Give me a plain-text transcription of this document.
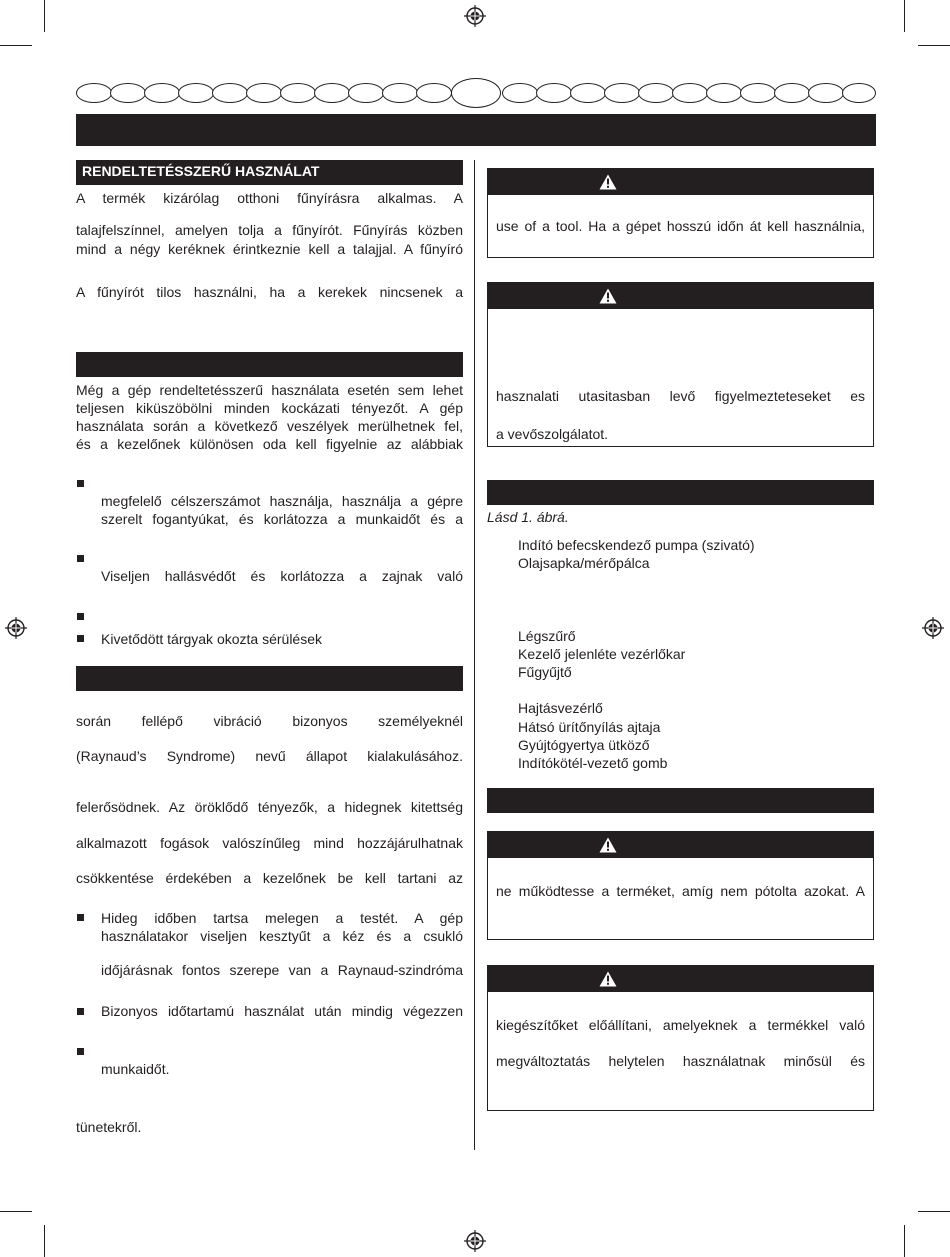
RENDELTETÉSSZERŰ HASZNÁLAT
A termék kizárólag otthoni fűnyírásra alkalmas. A
talajfelszínnel, amelyen tolja a fűnyírót. Fűnyírás közben
mind a négy keréknek érintkeznie kell a talajjal. A fűnyíró
A fűnyírót tilos használni, ha a kerekek nincsenek a
Még a gép rendeltetésszerű használata esetén sem lehet
teljesen kiküszöbölni minden kockázati tényezőt. A gép
használata során a következő veszélyek merülhetnek fel,
és a kezelőnek különösen oda kell figyelnie az alábbiak
megfelelő célszerszámot használja, használja a gépre
szerelt fogantyúkat, és korlátozza a munkaidőt és a
Viseljen hallásvédőt és korlátozza a zajnak való
Kivetődött tárgyak okozta sérülések
során fellépő vibráció bizonyos személyeknél
(Raynaud’s Syndrome) nevű állapot kialakulásához.
felerősödnek. Az öröklődő tényezők, a hidegnek kitettség
alkalmazott fogások valószínűleg mind hozzájárulhatnak
csökkentése érdekében a kezelőnek be kell tartani az
Hideg időben tartsa melegen a testét. A gép
használatakor viseljen kesztyűt a kéz és a csukló
időjárásnak fontos szerepe van a Raynaud-szindróma
Bizonyos időtartamú használat után mindig végezzen
munkaidőt.
tünetekről.
use of a tool. Ha a gépet hosszú időn át kell használnia,
hasznalati utasitasban levő figyelmezteteseket es
a vevőszolgálatot.
Lásd 1. ábrá.
Indító befecskendező pumpa (szivató)
Olajsapka/mérőpálca
Légszűrő
Kezelő jelenléte vezérlőkar
Fűgyűjtő
Hajtásvezérlő
Hátsó ürítőnyílás ajtaja
Gyújtógyertya ütköző
Indítókötél-vezető gomb
ne működtesse a terméket, amíg nem pótolta azokat. A
kiegészítőket előállítani, amelyeknek a termékkel való
megváltoztatás helytelen használatnak minősül és
